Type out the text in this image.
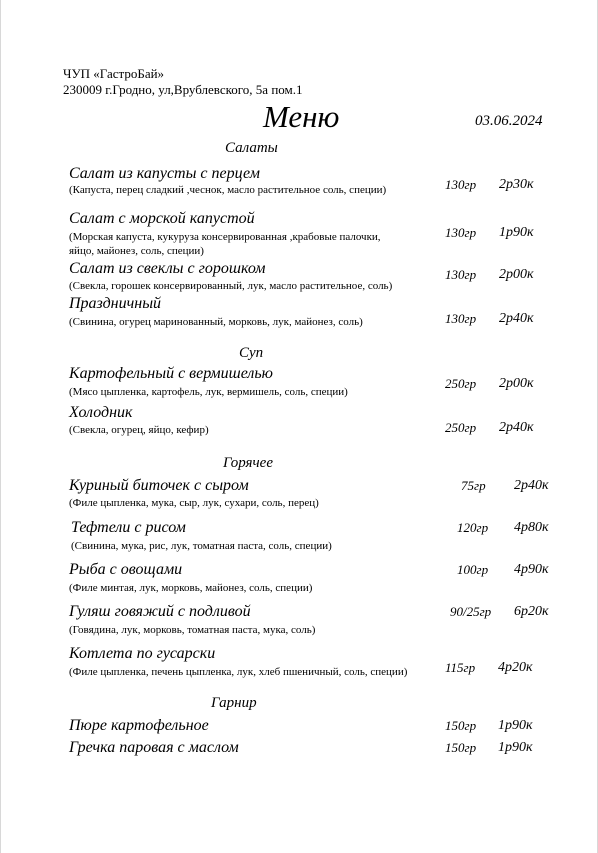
ЧУП «ГастроБай»
230009 г.Гродно, ул,Врублевского, 5а пом.1
Меню	03.06.2024
Салаты
Салат из капусты с перцем
(Капуста, перец сладкий ,чеснок, масло растительное соль, специи)	130гр 2р30к
Салат с морской капустой
(Морская капуста, кукуруза консервированная ,крабовые палочки,
яйцо, майонез, соль, специи)
130гр 1р90к
Салат из свеклы с горошком
(Свекла, горошек консервированный, лук, масло растительное, соль)
130гр 2р00к
Праздничный
(Свинина, огурец маринованный, морковь, лук, майонез, соль)	130гр 2р40к
Суп
Картофельный с вермишелью
(Мясо цыпленка, картофель, лук, вермишель, соль, специи)
250гр 2р00к
Холодник
(Свекла, огурец, яйцо, кефир)	250гр 2р40к
Горячее
Куриный биточек с сыром
(Филе цыпленка, мука, сыр, лук, сухари, соль, перец)
75гр 2р40к
Тефтели с рисом
(Свинина, мука, рис, лук, томатная паста, соль, специи)
120гр 4р80к
Рыба с овощами
(Филе минтая, лук, морковь, майонез, соль, специи)
100гр 4р90к
Гуляш говяжий с подливой
(Говядина, лук, морковь, томатная паста, мука, соль)
90/25гр 6р20к
Котлета по гусарски
(Филе цыпленка, печень цыпленка, лук, хлеб пшеничный, соль, специи)	115гр 4р20к
Гарнир
Пюре картофельное	150гр 1р90к
Гречка паровая с маслом	150гр 1р90к
